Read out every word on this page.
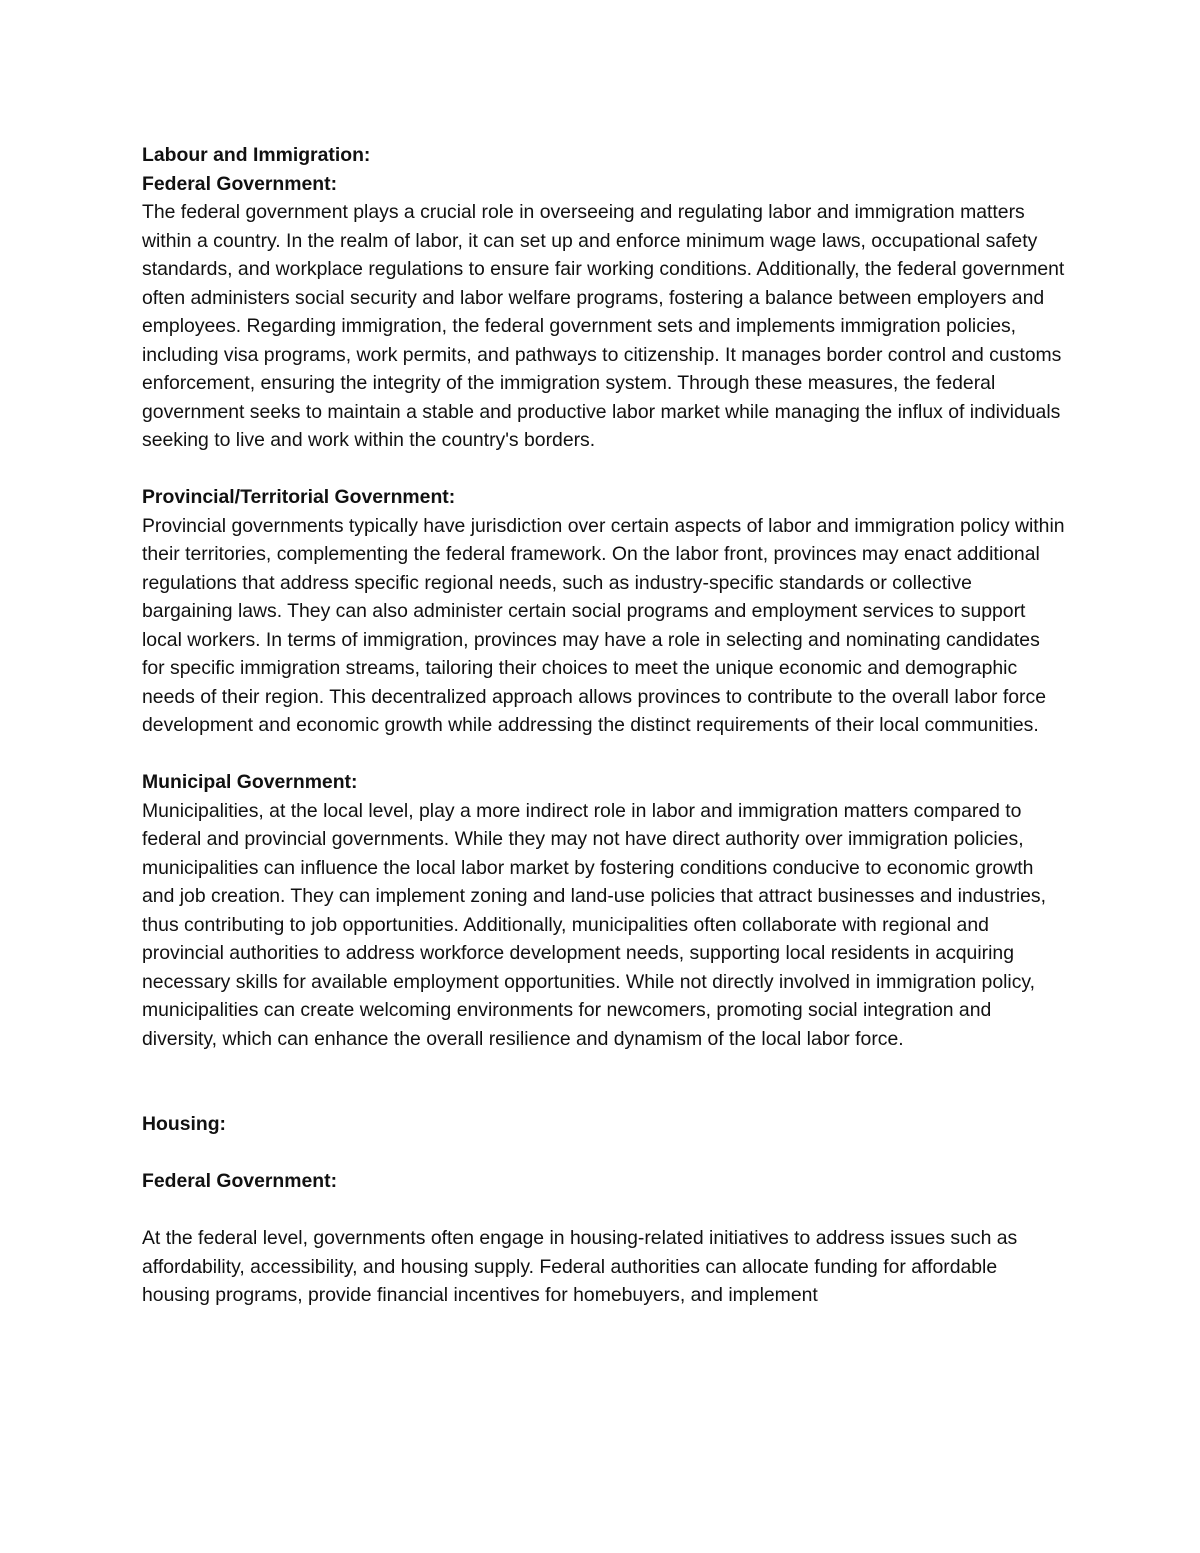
Labour and Immigration:

Federal Government:

The federal government plays a crucial role in overseeing and regulating labor and immigration matters within a country. In the realm of labor, it can set up and enforce minimum wage laws, occupational safety standards, and workplace regulations to ensure fair working conditions. Additionally, the federal government often administers social security and labor welfare programs, fostering a balance between employers and employees. Regarding immigration, the federal government sets and implements immigration policies, including visa programs, work permits, and pathways to citizenship. It manages border control and customs enforcement, ensuring the integrity of the immigration system. Through these measures, the federal government seeks to maintain a stable and productive labor market while managing the influx of individuals seeking to live and work within the country's borders.

Provincial/Territorial Government:

Provincial governments typically have jurisdiction over certain aspects of labor and immigration policy within their territories, complementing the federal framework. On the labor front, provinces may enact additional regulations that address specific regional needs, such as industry-specific standards or collective bargaining laws. They can also administer certain social programs and employment services to support local workers. In terms of immigration, provinces may have a role in selecting and nominating candidates for specific immigration streams, tailoring their choices to meet the unique economic and demographic needs of their region. This decentralized approach allows provinces to contribute to the overall labor force development and economic growth while addressing the distinct requirements of their local communities.

Municipal Government:

Municipalities, at the local level, play a more indirect role in labor and immigration matters compared to federal and provincial governments. While they may not have direct authority over immigration policies, municipalities can influence the local labor market by fostering conditions conducive to economic growth and job creation. They can implement zoning and land-use policies that attract businesses and industries, thus contributing to job opportunities. Additionally, municipalities often collaborate with regional and provincial authorities to address workforce development needs, supporting local residents in acquiring necessary skills for available employment opportunities. While not directly involved in immigration policy, municipalities can create welcoming environments for newcomers, promoting social integration and diversity, which can enhance the overall resilience and dynamism of the local labor force.

Housing:

Federal Government:

At the federal level, governments often engage in housing-related initiatives to address issues such as affordability, accessibility, and housing supply. Federal authorities can allocate funding for affordable housing programs, provide financial incentives for homebuyers, and implement
